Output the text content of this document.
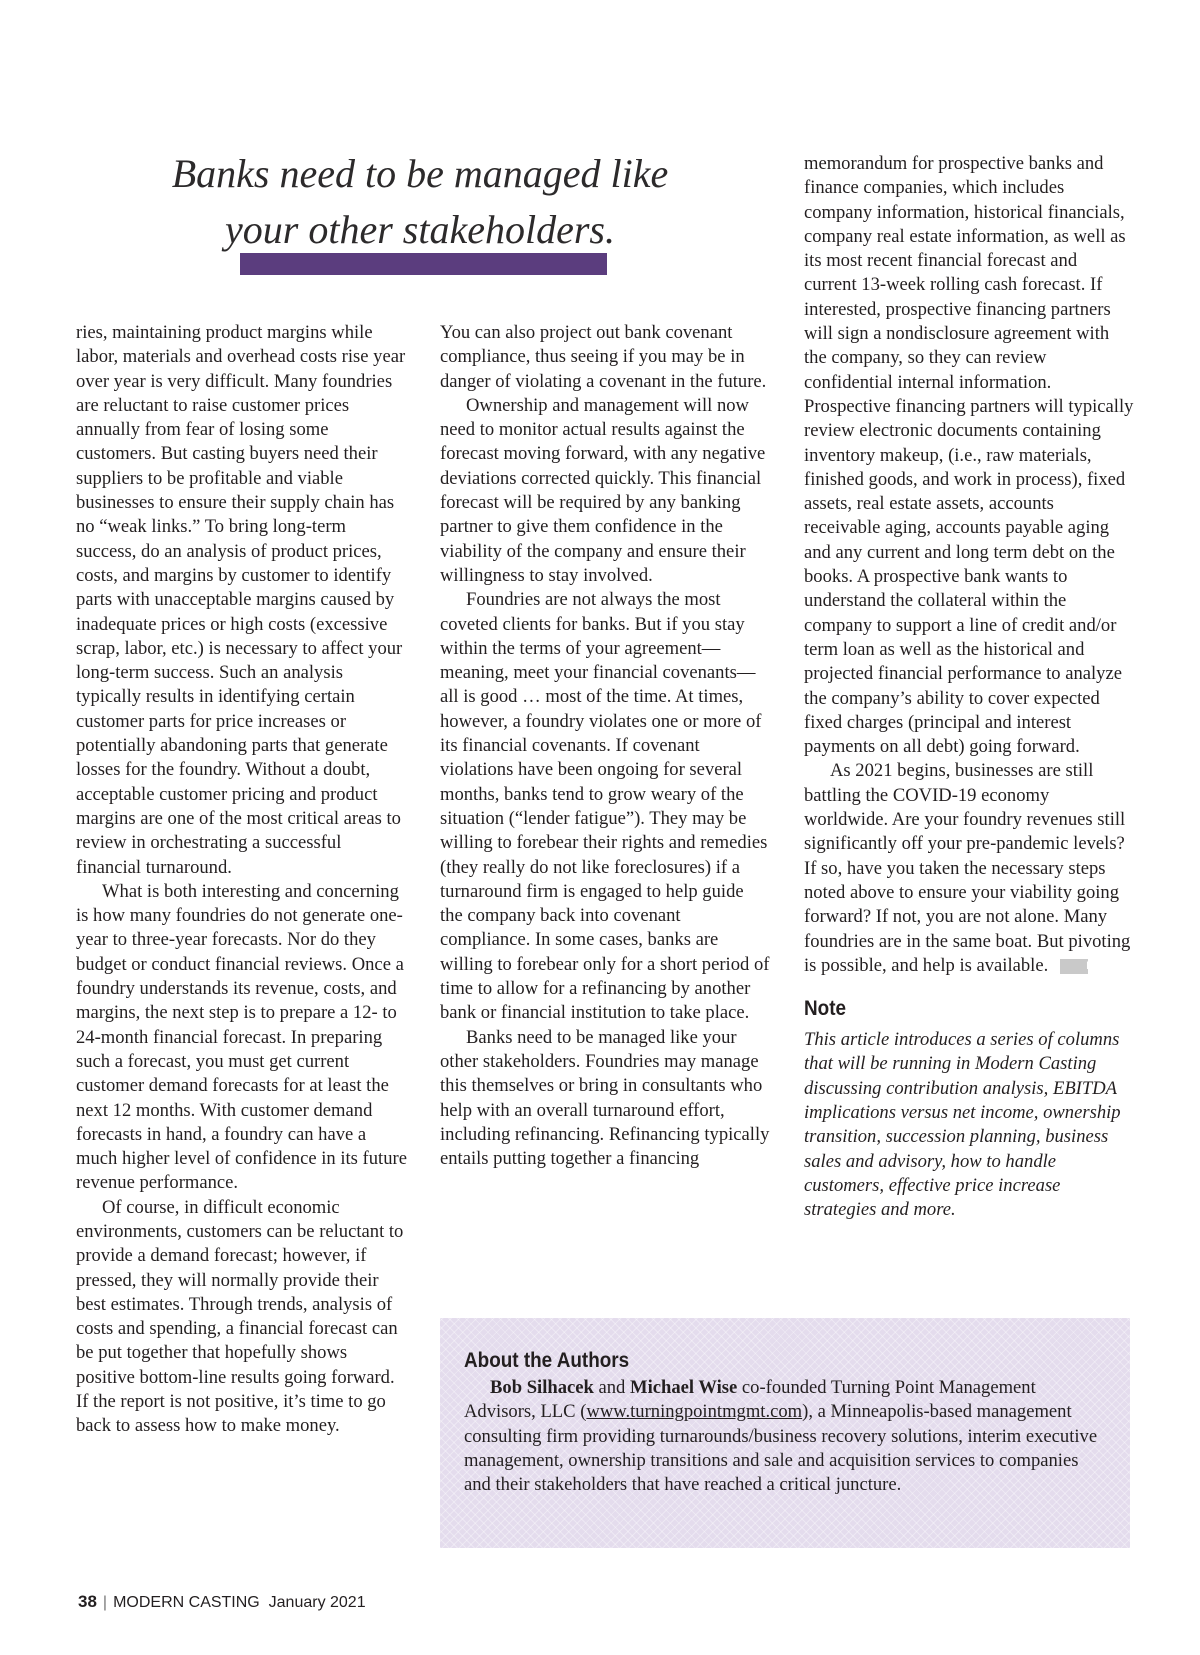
Banks need to be managed like
your other stakeholders.

ries, maintaining product margins while labor, materials and overhead costs rise year over year is very difficult. Many foundries are reluctant to raise customer prices annually from fear of losing some customers. But casting buyers need their suppliers to be profitable and viable businesses to ensure their supply chain has no “weak links.” To bring long-term success, do an analysis of product prices, costs, and margins by customer to identify parts with unacceptable margins caused by inadequate prices or high costs (excessive scrap, labor, etc.) is necessary to affect your long-term success. Such an analysis typically results in identifying certain customer parts for price increases or potentially abandoning parts that generate losses for the foundry. Without a doubt, acceptable customer pricing and product margins are one of the most critical areas to review in orchestrating a successful financial turnaround.

What is both interesting and concerning is how many foundries do not generate one-year to three-year forecasts. Nor do they budget or conduct financial reviews. Once a foundry understands its revenue, costs, and margins, the next step is to prepare a 12- to 24-month financial forecast. In preparing such a forecast, you must get current customer demand forecasts for at least the next 12 months. With customer demand forecasts in hand, a foundry can have a much higher level of confidence in its future revenue performance.

Of course, in difficult economic environments, customers can be reluctant to provide a demand forecast; however, if pressed, they will normally provide their best estimates. Through trends, analysis of costs and spending, a financial forecast can be put together that hopefully shows positive bottom-line results going forward. If the report is not positive, it’s time to go back to assess how to make money.

You can also project out bank covenant compliance, thus seeing if you may be in danger of violating a covenant in the future.

Ownership and management will now need to monitor actual results against the forecast moving forward, with any negative deviations corrected quickly. This financial forecast will be required by any banking partner to give them confidence in the viability of the company and ensure their willingness to stay involved.

Foundries are not always the most coveted clients for banks. But if you stay within the terms of your agreement—meaning, meet your financial covenants—all is good … most of the time. At times, however, a foundry violates one or more of its financial covenants. If covenant violations have been ongoing for several months, banks tend to grow weary of the situation (“lender fatigue”). They may be willing to forebear their rights and remedies (they really do not like foreclosures) if a turnaround firm is engaged to help guide the company back into covenant compliance. In some cases, banks are willing to forebear only for a short period of time to allow for a refinancing by another bank or financial institution to take place.

Banks need to be managed like your other stakeholders. Foundries may manage this themselves or bring in consultants who help with an overall turnaround effort, including refinancing. Refinancing typically entails putting together a financing

memorandum for prospective banks and finance companies, which includes company information, historical financials, company real estate information, as well as its most recent financial forecast and current 13-week rolling cash forecast. If interested, prospective financing partners will sign a nondisclosure agreement with the company, so they can review confidential internal information. Prospective financing partners will typically review electronic documents containing inventory makeup, (i.e., raw materials, finished goods, and work in process), fixed assets, real estate assets, accounts receivable aging, accounts payable aging and any current and long term debt on the books. A prospective bank wants to understand the collateral within the company to support a line of credit and/or term loan as well as the historical and projected financial performance to analyze the company’s ability to cover expected fixed charges (principal and interest payments on all debt) going forward.

As 2021 begins, businesses are still battling the COVID-19 economy worldwide. Are your foundry revenues still significantly off your pre-pandemic levels? If so, have you taken the necessary steps noted above to ensure your viability going forward? If not, you are not alone. Many foundries are in the same boat. But pivoting is possible, and help is available.	MC

Note

This article introduces a series of columns that will be running in Modern Casting discussing contribution analysis, EBITDA implications versus net income, ownership transition, succession planning, business sales and advisory, how to handle customers, effective price increase strategies and more.

About the Authors

Bob Silhacek and Michael Wise co-founded Turning Point Management Advisors, LLC (www.turningpointmgmt.com), a Minneapolis-based management consulting firm providing turnarounds/business recovery solutions, interim executive management, ownership transitions and sale and acquisition services to companies and their stakeholders that have reached a critical juncture.

38 | MODERN CASTING January 2021
